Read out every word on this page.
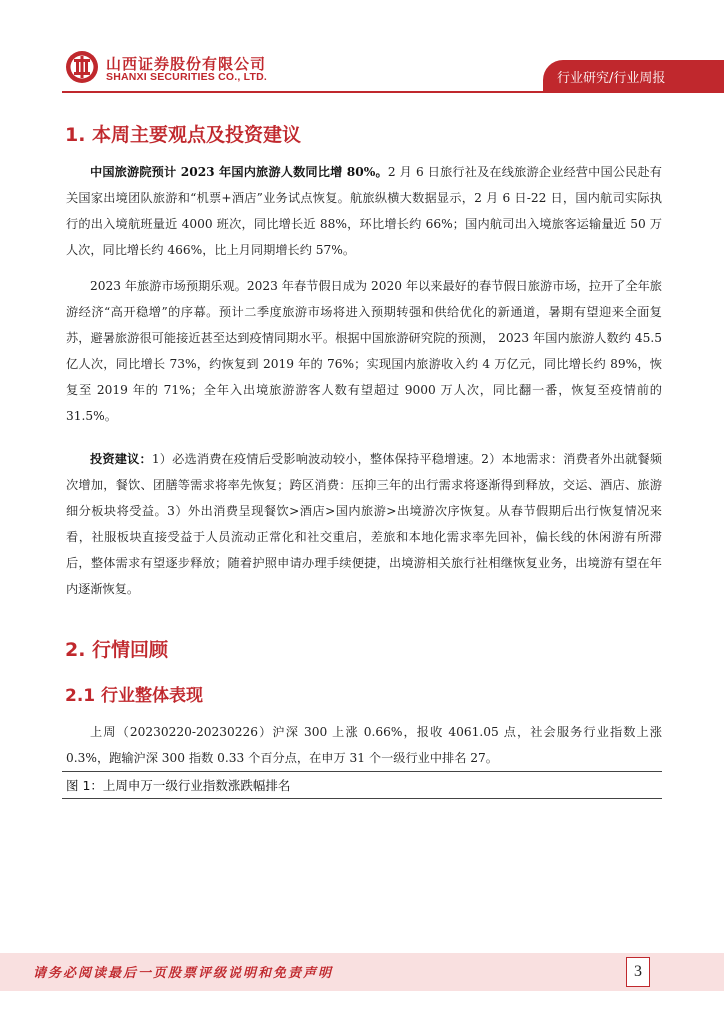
山西证券股份有限公司
SHANXI SECURITIES CO., LTD.	行业研究/行业周报
1. 本周主要观点及投资建议

中国旅游院预计 2023 年国内旅游人数同比增 80%。2 月 6 日旅行社及在线旅游企业经营中国公民赴有关国家出境团队旅游和“机票+酒店”业务试点恢复。航旅纵横大数据显示，2 月 6 日-22 日，国内航司实际执行的出入境航班量近 4000 班次，同比增长近 88%，环比增长约 66%；国内航司出入境旅客运输量近 50 万人次，同比增长约 466%，比上月同期增长约 57%。

2023 年旅游市场预期乐观。2023 年春节假日成为 2020 年以来最好的春节假日旅游市场，拉开了全年旅游经济“高开稳增”的序幕。预计二季度旅游市场将进入预期转强和供给优化的新通道，暑期有望迎来全面复苏，避暑旅游很可能接近甚至达到疫情同期水平。根据中国旅游研究院的预测， 2023 年国内旅游人数约 45.5 亿人次，同比增长 73%，约恢复到 2019 年的 76%；实现国内旅游收入约 4 万亿元，同比增长约 89%，恢复至 2019 年的 71%；全年入出境旅游游客人数有望超过 9000 万人次，同比翻一番，恢复至疫情前的 31.5%。

投资建议：1）必选消费在疫情后受影响波动较小，整体保持平稳增速。2）本地需求：消费者外出就餐频次增加，餐饮、团膳等需求将率先恢复；跨区消费：压抑三年的出行需求将逐渐得到释放，交运、酒店、旅游细分板块将受益。3）外出消费呈现餐饮>酒店>国内旅游>出境游次序恢复。从春节假期后出行恢复情况来看，社服板块直接受益于人员流动正常化和社交重启，差旅和本地化需求率先回补，偏长线的休闲游有所滞后，整体需求有望逐步释放；随着护照申请办理手续便捷，出境游相关旅行社相继恢复业务，出境游有望在年内逐渐恢复。

2. 行情回顾
2.1 行业整体表现

上周（20230220-20230226）沪深 300 上涨 0.66%，报收 4061.05 点，社会服务行业指数上涨 0.3%，跑输沪深 300 指数 0.33 个百分点，在申万 31 个一级行业中排名 27。

图 1：上周申万一级行业指数涨跌幅排名
请务必阅读最后一页股票评级说明和免责声明	3
